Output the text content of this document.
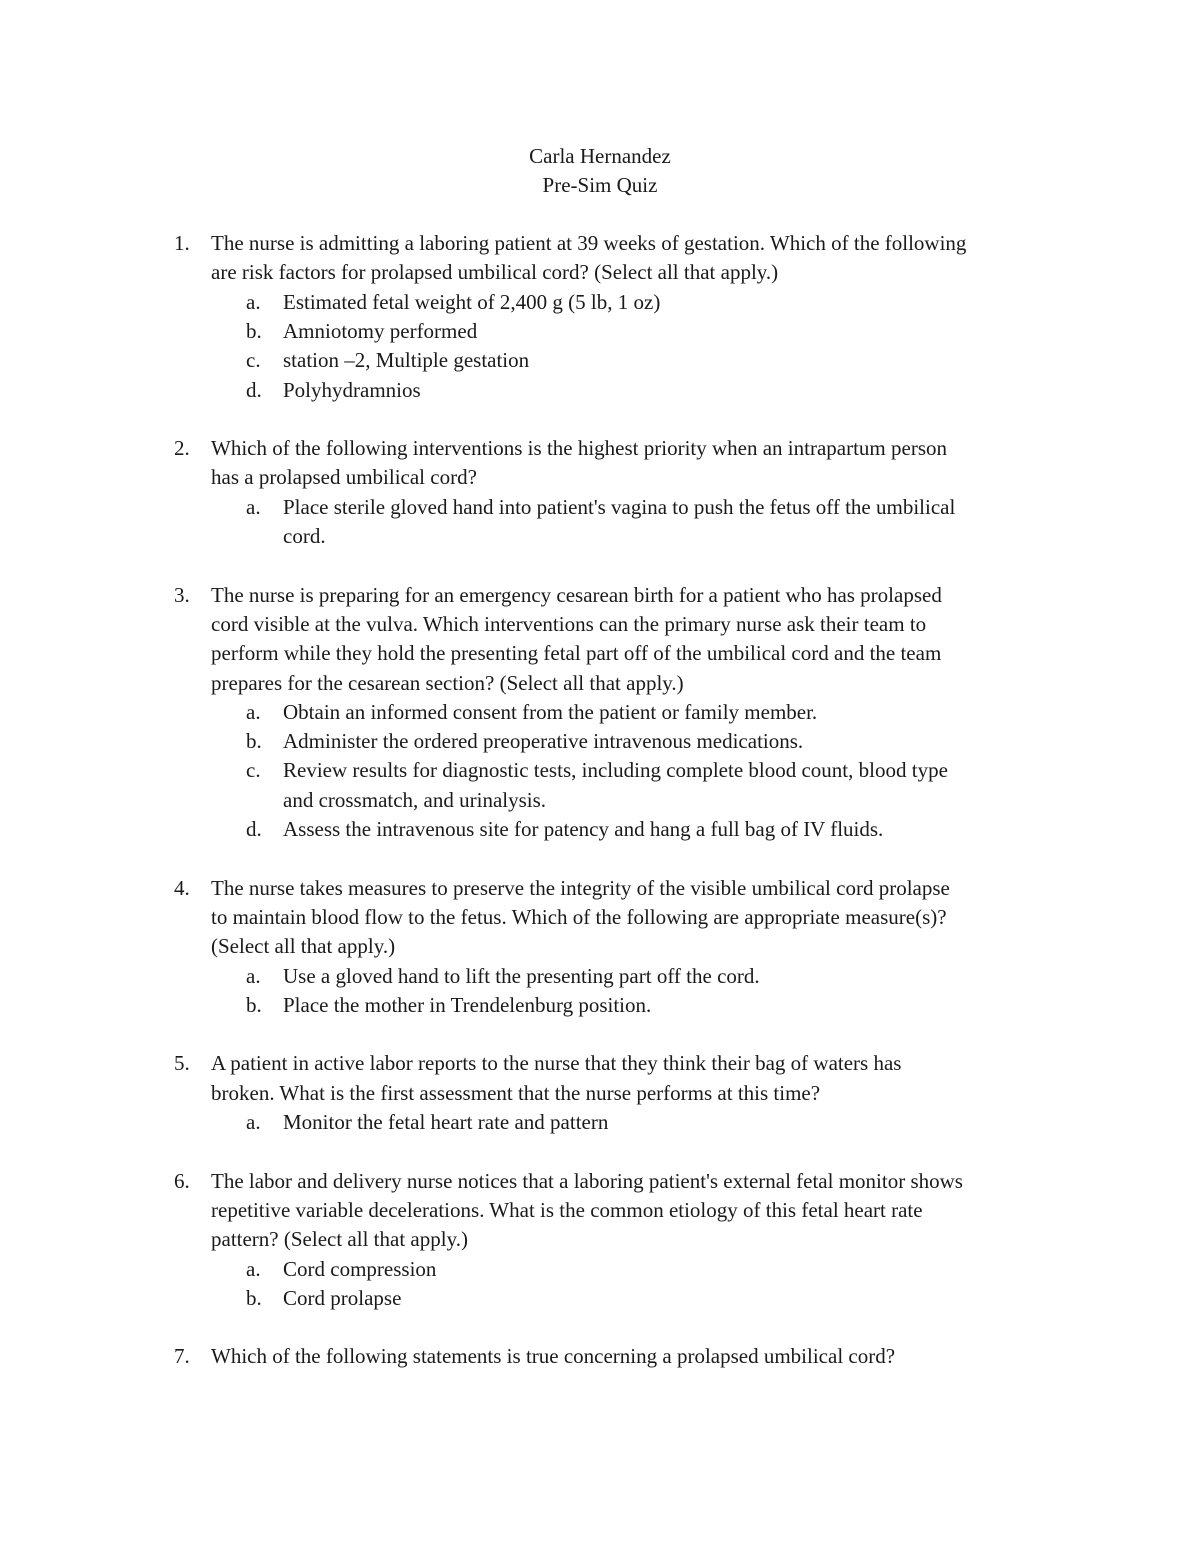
Carla Hernandez
Pre-Sim Quiz
1.	The nurse is admitting a laboring patient at 39 weeks of gestation. Which of the following
are risk factors for prolapsed umbilical cord? (Select all that apply.)
a.	Estimated fetal weight of 2,400 g (5 lb, 1 oz)
b.	Amniotomy performed
c.	station –2, Multiple gestation
d.	Polyhydramnios
2.	Which of the following interventions is the highest priority when an intrapartum person
has a prolapsed umbilical cord?
a.	Place sterile gloved hand into patient's vagina to push the fetus off the umbilical
cord.
3.	The nurse is preparing for an emergency cesarean birth for a patient who has prolapsed
cord visible at the vulva. Which interventions can the primary nurse ask their team to
perform while they hold the presenting fetal part off of the umbilical cord and the team
prepares for the cesarean section? (Select all that apply.)
a.	Obtain an informed consent from the patient or family member.
b.	Administer the ordered preoperative intravenous medications.
c.	Review results for diagnostic tests, including complete blood count, blood type
and crossmatch, and urinalysis.
d.	Assess the intravenous site for patency and hang a full bag of IV fluids.
4.	The nurse takes measures to preserve the integrity of the visible umbilical cord prolapse
to maintain blood flow to the fetus. Which of the following are appropriate measure(s)?
(Select all that apply.)
a.	Use a gloved hand to lift the presenting part off the cord.
b.	Place the mother in Trendelenburg position.
5.	A patient in active labor reports to the nurse that they think their bag of waters has
broken. What is the first assessment that the nurse performs at this time?
a.	Monitor the fetal heart rate and pattern
6.	The labor and delivery nurse notices that a laboring patient's external fetal monitor shows
repetitive variable decelerations. What is the common etiology of this fetal heart rate
pattern? (Select all that apply.)
a.	Cord compression
b.	Cord prolapse
7.	Which of the following statements is true concerning a prolapsed umbilical cord?
